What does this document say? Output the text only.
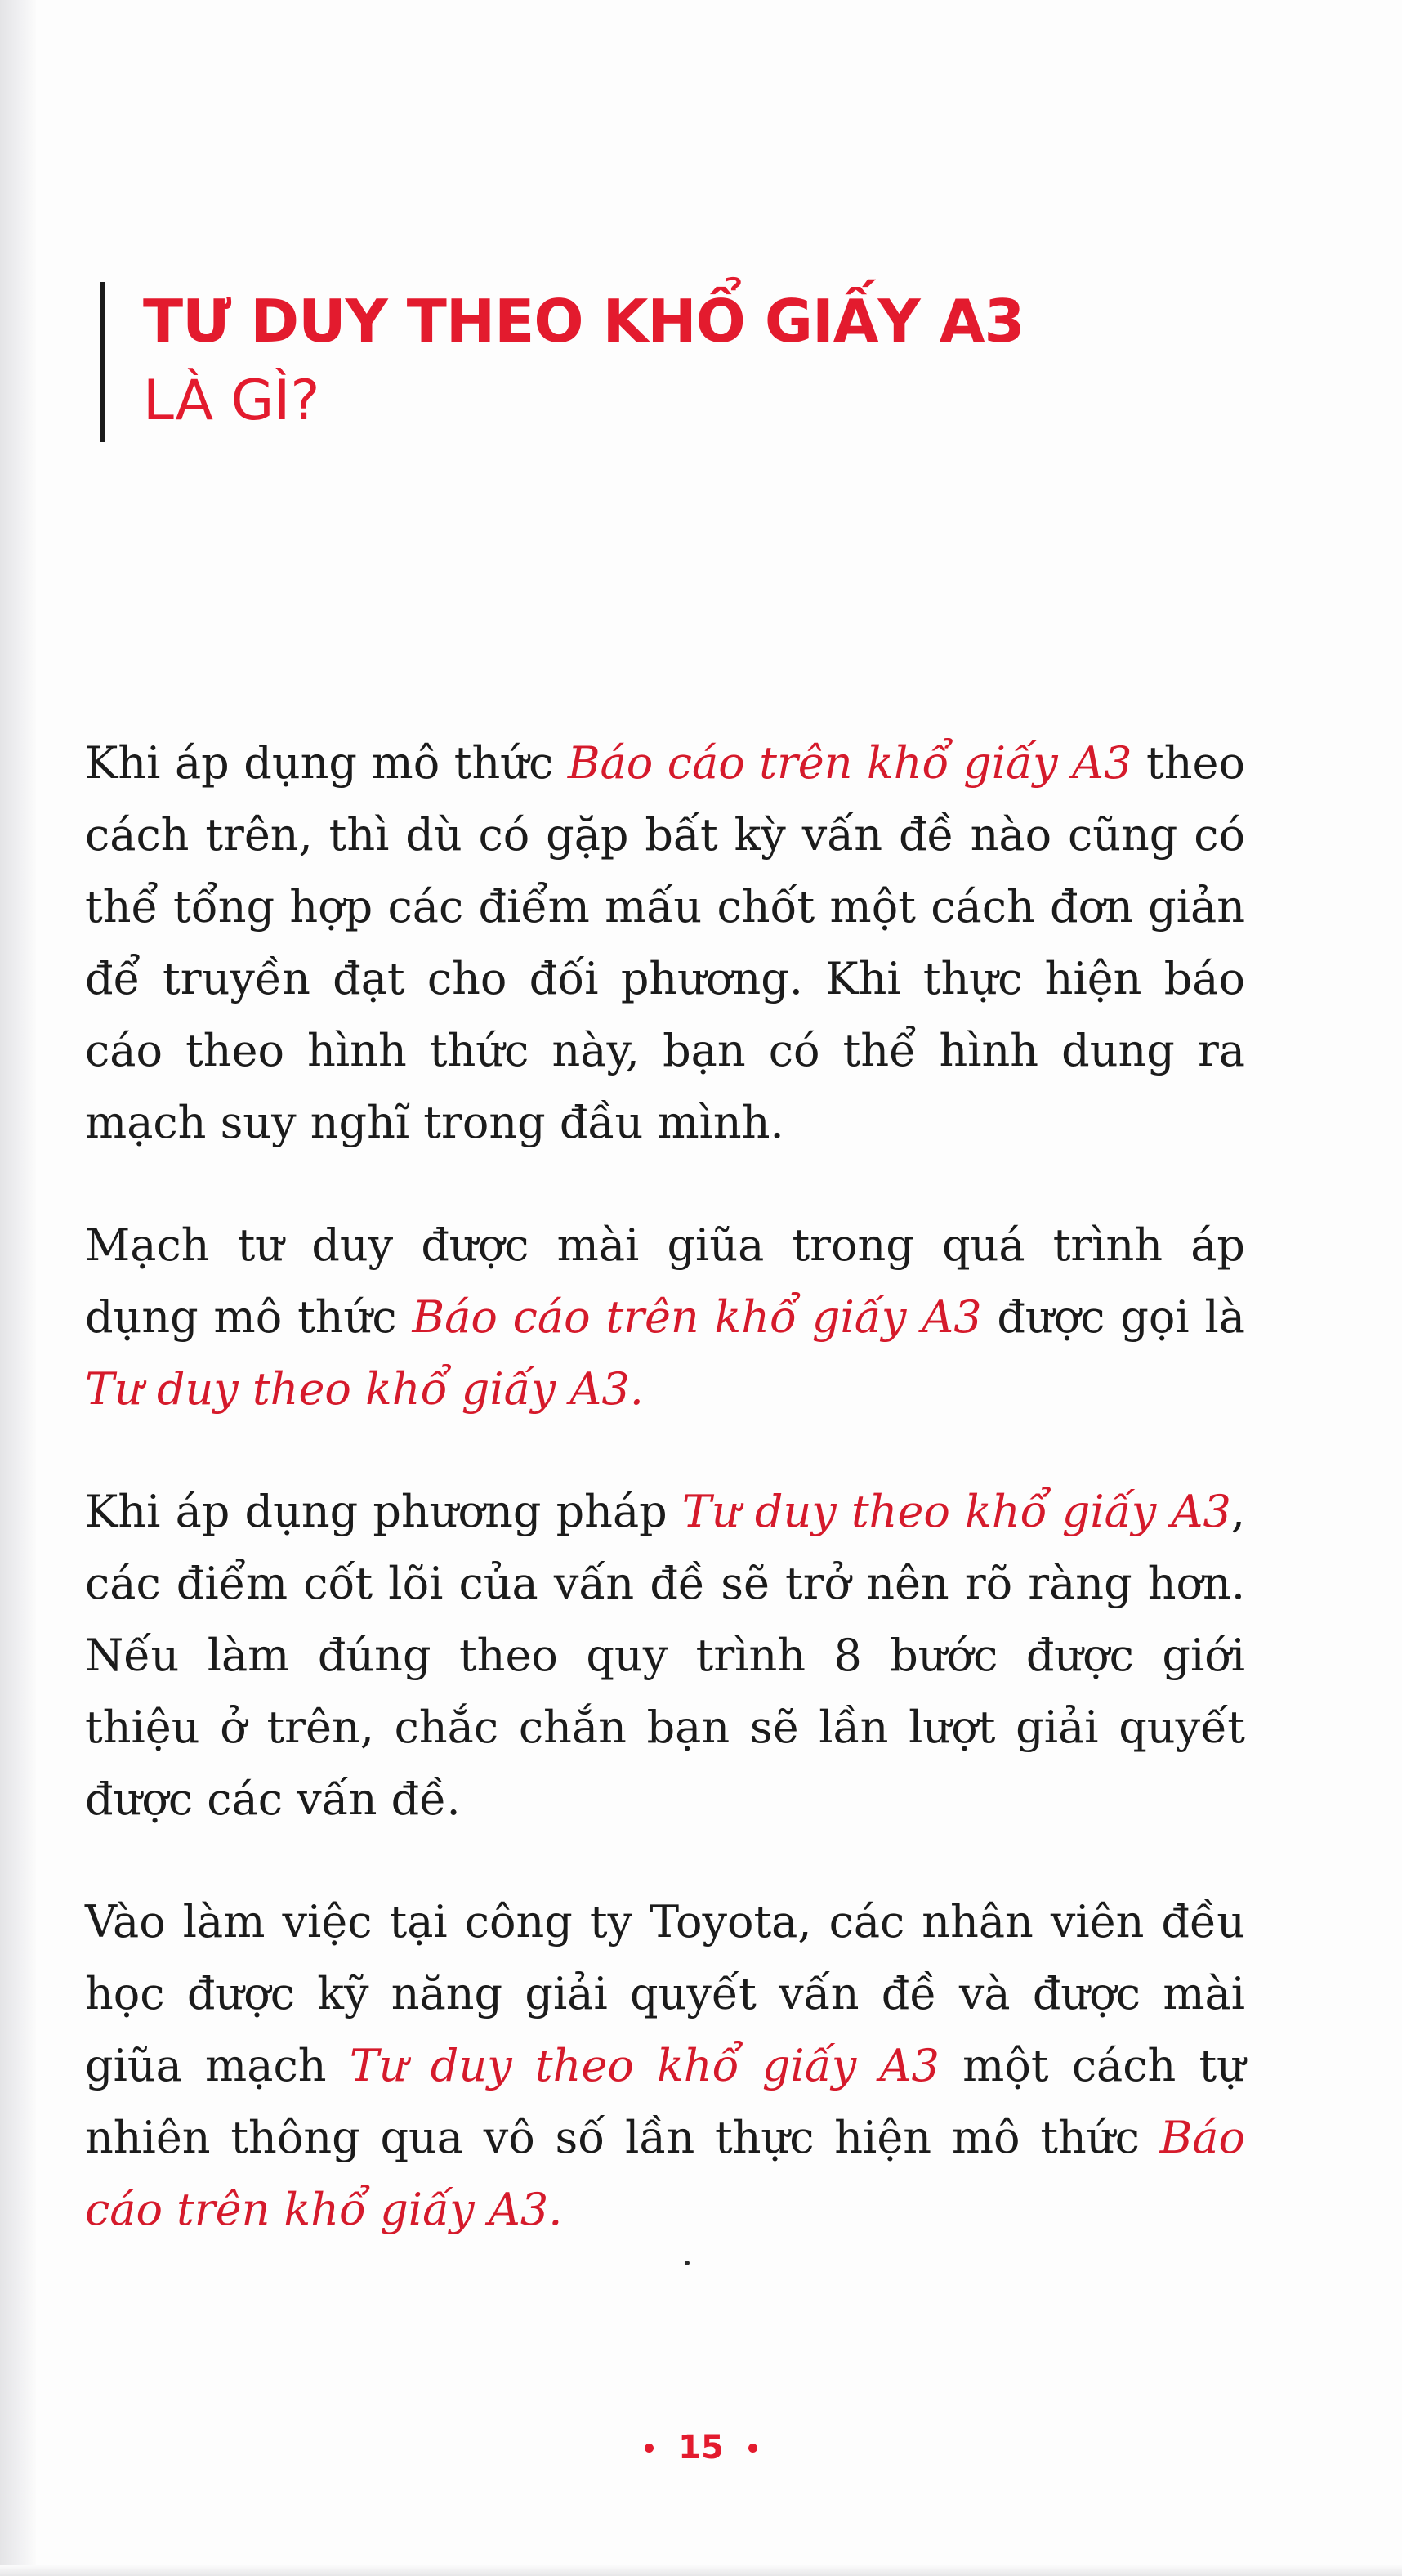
TƯ DUY THEO KHỔ GIẤY A3
LÀ GÌ?

Khi áp dụng mô thức Báo cáo trên khổ giấy A3 theo cách trên, thì dù có gặp bất kỳ vấn đề nào cũng có thể tổng hợp các điểm mấu chốt một cách đơn giản để truyền đạt cho đối phương. Khi thực hiện báo cáo theo hình thức này, bạn có thể hình dung ra mạch suy nghĩ trong đầu mình.

Mạch tư duy được mài giũa trong quá trình áp dụng mô thức Báo cáo trên khổ giấy A3 được gọi là Tư duy theo khổ giấy A3.

Khi áp dụng phương pháp Tư duy theo khổ giấy A3, các điểm cốt lõi của vấn đề sẽ trở nên rõ ràng hơn. Nếu làm đúng theo quy trình 8 bước được giới thiệu ở trên, chắc chắn bạn sẽ lần lượt giải quyết được các vấn đề.

Vào làm việc tại công ty Toyota, các nhân viên đều học được kỹ năng giải quyết vấn đề và được mài giũa mạch Tư duy theo khổ giấy A3 một cách tự nhiên thông qua vô số lần thực hiện mô thức Báo cáo trên khổ giấy A3.

15
